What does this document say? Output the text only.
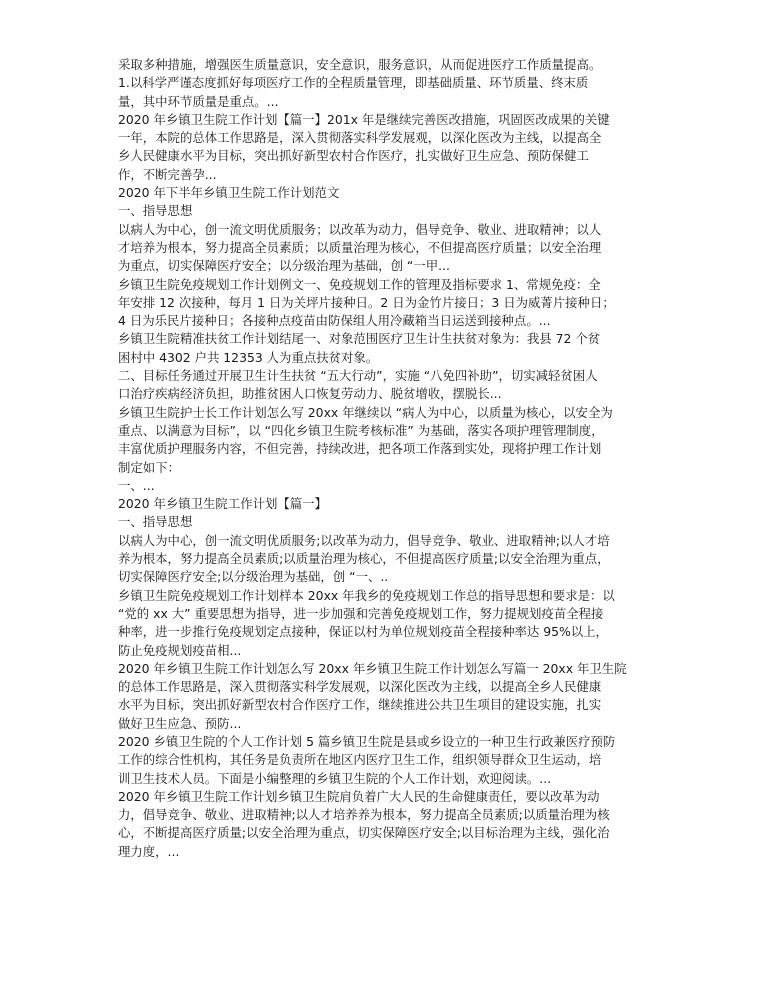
采取多种措施，增强医生质量意识，安全意识，服务意识，从而促进医疗工作质量提高。
1.以科学严谨态度抓好每项医疗工作的全程质量管理，即基础质量、环节质量、终末质
量，其中环节质量是重点。...
2020 年乡镇卫生院工作计划【篇一】201x 年是继续完善医改措施，巩固医改成果的关键
一年，本院的总体工作思路是，深入贯彻落实科学发展观，以深化医改为主线，以提高全
乡人民健康水平为目标，突出抓好新型农村合作医疗，扎实做好卫生应急、预防保健工
作，不断完善孕...
2020 年下半年乡镇卫生院工作计划范文
一、指导思想
以病人为中心，创一流文明优质服务；以改革为动力，倡导竞争、敬业、进取精神；以人
才培养为根本，努力提高全员素质；以质量治理为核心，不但提高医疗质量；以安全治理
为重点，切实保障医疗安全；以分级治理为基础，创 “一甲...
乡镇卫生院免疫规划工作计划例文一、免疫规划工作的管理及指标要求 1、常规免疫：全
年安排 12 次接种，每月 1 日为关坪片接种日。2 日为金竹片接日；3 日为威菁片接种日；
4 日为乐民片接种日；各接种点疫苗由防保组人用冷藏箱当日运送到接种点。...
乡镇卫生院精准扶贫工作计划结尾一、对象范围医疗卫生计生扶贫对象为：我县 72 个贫
困村中 4302 户共 12353 人为重点扶贫对象。
二、目标任务通过开展卫生计生扶贫 “五大行动”，实施 “八免四补助”，切实减轻贫困人
口治疗疾病经济负担，助推贫困人口恢复劳动力、脱贫增收，摆脱长...
乡镇卫生院护士长工作计划怎么写 20xx 年继续以 “病人为中心，以质量为核心，以安全为
重点、以满意为目标”，以 “四化乡镇卫生院考核标准” 为基础，落实各项护理管理制度，
丰富优质护理服务内容，不但完善，持续改进，把各项工作落到实处，现将护理工作计划
制定如下：
一、...
2020 年乡镇卫生院工作计划【篇一】
一、指导思想
以病人为中心，创一流文明优质服务;以改革为动力，倡导竞争、敬业、进取精神;以人才培
养为根本，努力提高全员素质;以质量治理为核心，不但提高医疗质量;以安全治理为重点，
切实保障医疗安全;以分级治理为基础，创 “一、..
乡镇卫生院免疫规划工作计划样本 20xx 年我乡的免疫规划工作总的指导思想和要求是：以
“党的 xx 大” 重要思想为指导，进一步加强和完善免疫规划工作，努力提规划疫苗全程接
种率，进一步推行免疫规划定点接种，保证以村为单位规划疫苗全程接种率达 95%以上，
防止免疫规划疫苗相...
2020 年乡镇卫生院工作计划怎么写 20xx 年乡镇卫生院工作计划怎么写篇一 20xx 年卫生院
的总体工作思路是，深入贯彻落实科学发展观，以深化医改为主线，以提高全乡人民健康
水平为目标，突出抓好新型农村合作医疗工作，继续推进公共卫生项目的建设实施，扎实
做好卫生应急、预防...
2020 乡镇卫生院的个人工作计划 5 篇乡镇卫生院是县或乡设立的一种卫生行政兼医疗预防
工作的综合性机构，其任务是负责所在地区内医疗卫生工作，组织领导群众卫生运动，培
训卫生技术人员。下面是小编整理的乡镇卫生院的个人工作计划，欢迎阅读。...
2020 年乡镇卫生院工作计划乡镇卫生院肩负着广大人民的生命健康责任，要以改革为动
力，倡导竞争、敬业、进取精神;以人才培养养为根本，努力提高全员素质;以质量治理为核
心，不断提高医疗质量;以安全治理为重点，切实保障医疗安全;以目标治理为主线，强化治
理力度，...
